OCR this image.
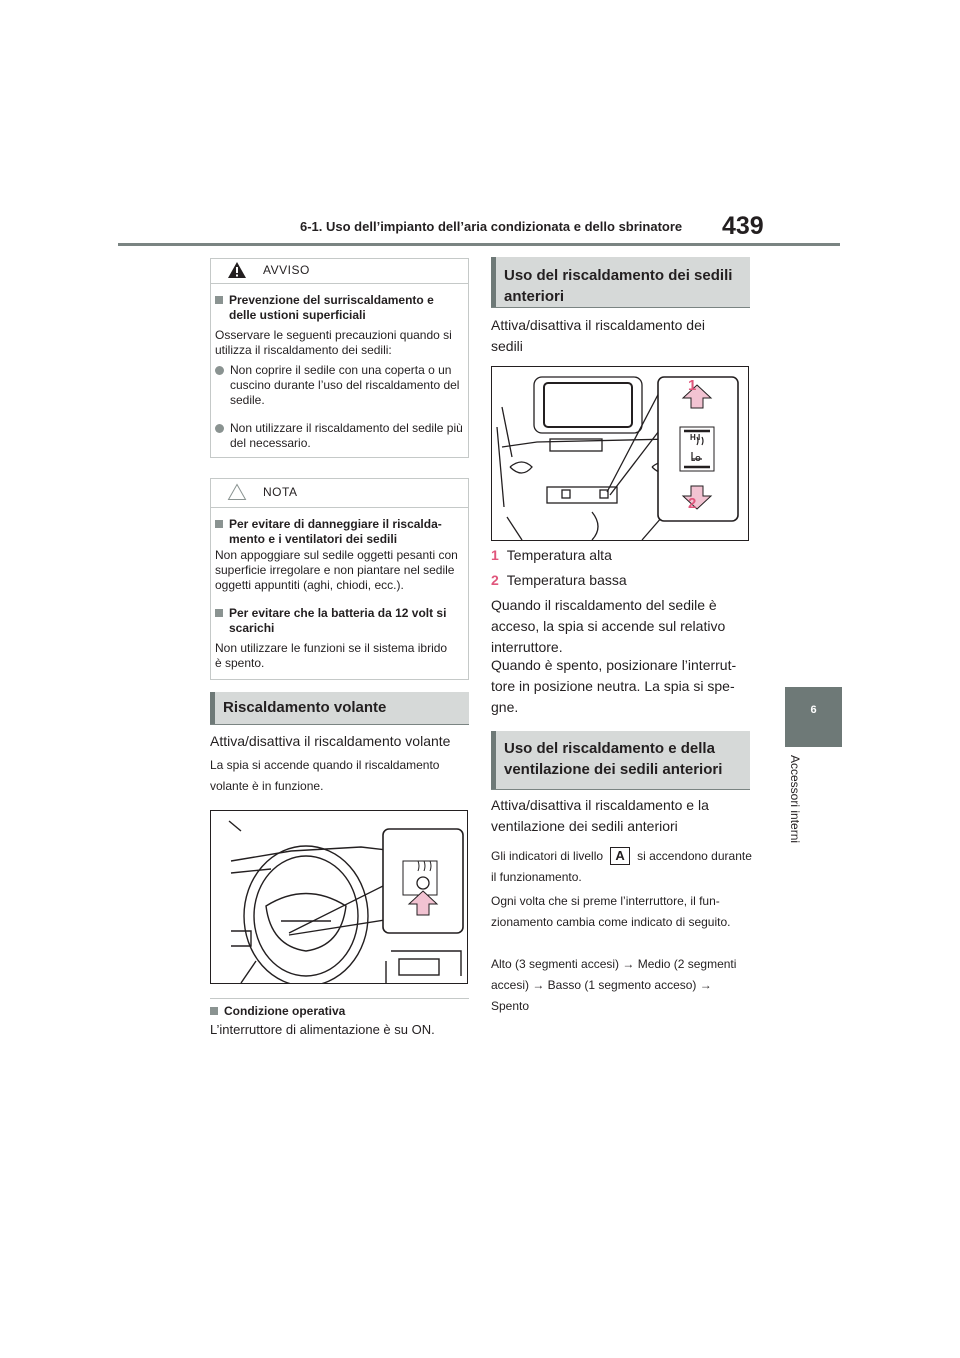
6-1. Uso dell’impianto dell’aria condizionata e dello sbrinatore 439
6
Accessori interni
AVVISO
Prevenzione del surriscaldamento e delle ustioni superficiali
Osservare le seguenti precauzioni quando si utilizza il riscaldamento dei sedili:
Non coprire il sedile con una coperta o un cuscino durante l’uso del riscaldamento del sedile.
Non utilizzare il riscaldamento del sedile più del necessario.
NOTA
Per evitare di danneggiare il riscaldamento e i ventilatori dei sedili
Non appoggiare sul sedile oggetti pesanti con superficie irregolare e non piantare nel sedile oggetti appuntiti (aghi, chiodi, ecc.).
Per evitare che la batteria da 12 volt si scarichi
Non utilizzare le funzioni se il sistema ibrido è spento.
Riscaldamento volante
Attiva/disattiva il riscaldamento volante
La spia si accende quando il riscaldamento volante è in funzione.
Condizione operativa
L’interruttore di alimentazione è su ON.
Uso del riscaldamento dei sedili anteriori
Attiva/disattiva il riscaldamento dei sedili
1
2
H I
LO
1 Temperatura alta
2 Temperatura bassa
Quando il riscaldamento del sedile è acceso, la spia si accende sul relativo interruttore.
Quando è spento, posizionare l’interruttore in posizione neutra. La spia si spegne.
Uso del riscaldamento e della ventilazione dei sedili anteriori
Attiva/disattiva il riscaldamento e la ventilazione dei sedili anteriori
Gli indicatori di livello A si accendono durante il funzionamento.
Ogni volta che si preme l’interruttore, il funzionamento cambia come indicato di seguito.
Alto (3 segmenti accesi) → Medio (2 segmenti accesi) → Basso (1 segmento acceso) → Spento
